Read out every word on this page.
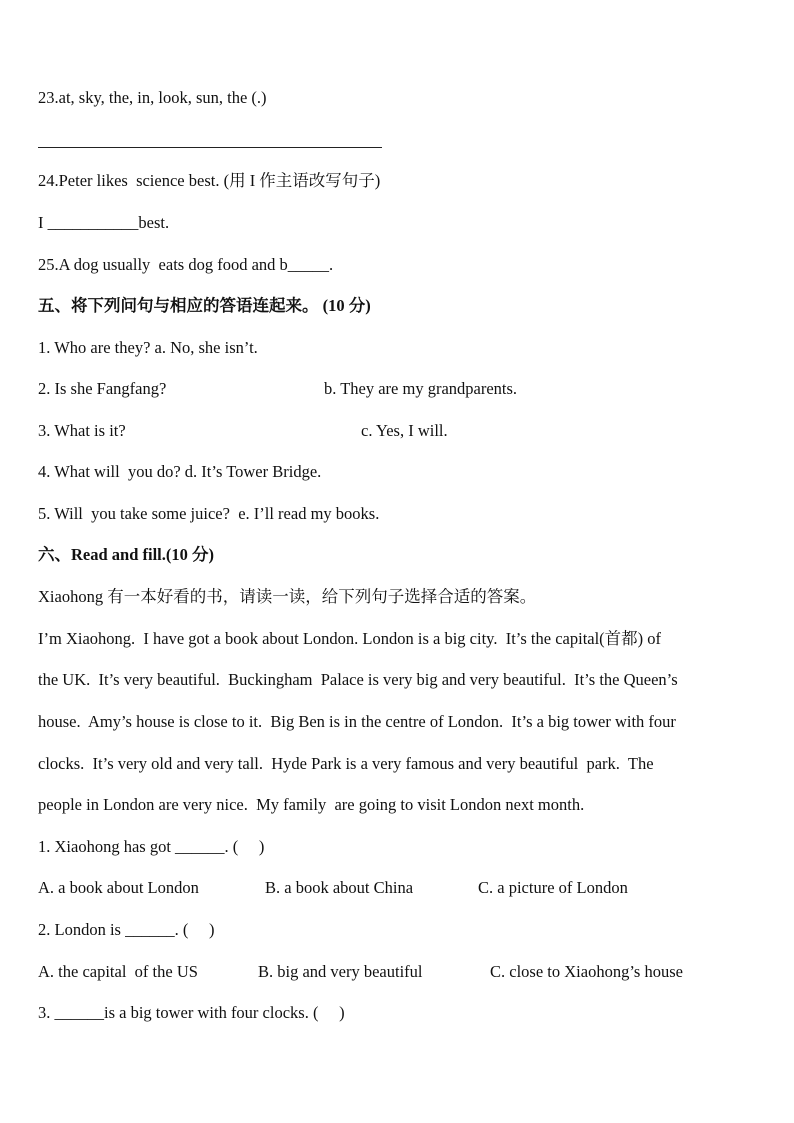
23.at, sky, the, in, look, sun, the (.)
24.Peter likes  science best. (用 I 作主语改写句子)
I ___________best.
25.A dog usually  eats dog food and b_____.
五、将下列问句与相应的答语连起来。 (10 分)
1. Who are they? a. No, she isn’t.
2. Is she Fangfang?	b. They are my grandparents.
3. What is it?	c. Yes, I will.
4. What will  you do? d. It’s Tower Bridge.
5. Will  you take some juice?  e. I’ll read my books.
六、Read and fill.(10 分)
Xiaohong 有一本好看的书，请读一读，给下列句子选择合适的答案。
I’m Xiaohong.  I have got a book about London. London is a big city.  It’s the capital(首都) of
the UK.  It’s very beautiful.  Buckingham  Palace is very big and very beautiful.  It’s the Queen’s
house.  Amy’s house is close to it.  Big Ben is in the centre of London.  It’s a big tower with four
clocks.  It’s very old and very tall.  Hyde Park is a very famous and very beautiful  park.  The
people in London are very nice.  My family  are going to visit London next month.
1. Xiaohong has got ______. (     )
A. a book about London	B. a book about China	C. a picture of London
2. London is ______. (     )
A. the capital  of the US	B. big and very beautiful	C. close to Xiaohong’s house
3. ______is a big tower with four clocks. (     )
